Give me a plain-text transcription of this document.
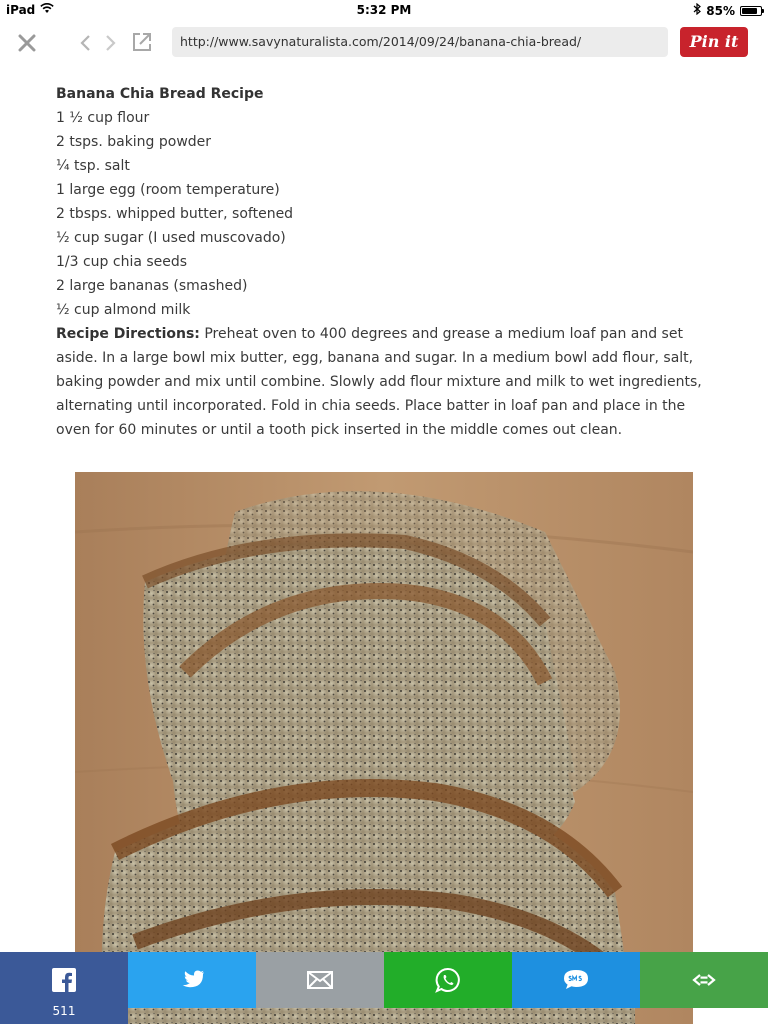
iPad	5:32 PM	85%
http://www.savynaturalista.com/2014/09/24/banana-chia-bread/	Pin it
Banana Chia Bread Recipe
1 ½ cup flour
2 tsps. baking powder
¼ tsp. salt
1 large egg (room temperature)
2 tbsps. whipped butter, softened
½ cup sugar (I used muscovado)
1/3 cup chia seeds
2 large bananas (smashed)
½ cup almond milk
Recipe Directions: Preheat oven to 400 degrees and grease a medium loaf pan and set aside. In a large bowl mix butter, egg, banana and sugar. In a medium bowl add flour, salt, baking powder and mix until combine. Slowly add flour mixture and milk to wet ingredients, alternating until incorporated. Fold in chia seeds. Place batter in loaf pan and place in the oven for 60 minutes or until a tooth pick inserted in the middle comes out clean.
511
